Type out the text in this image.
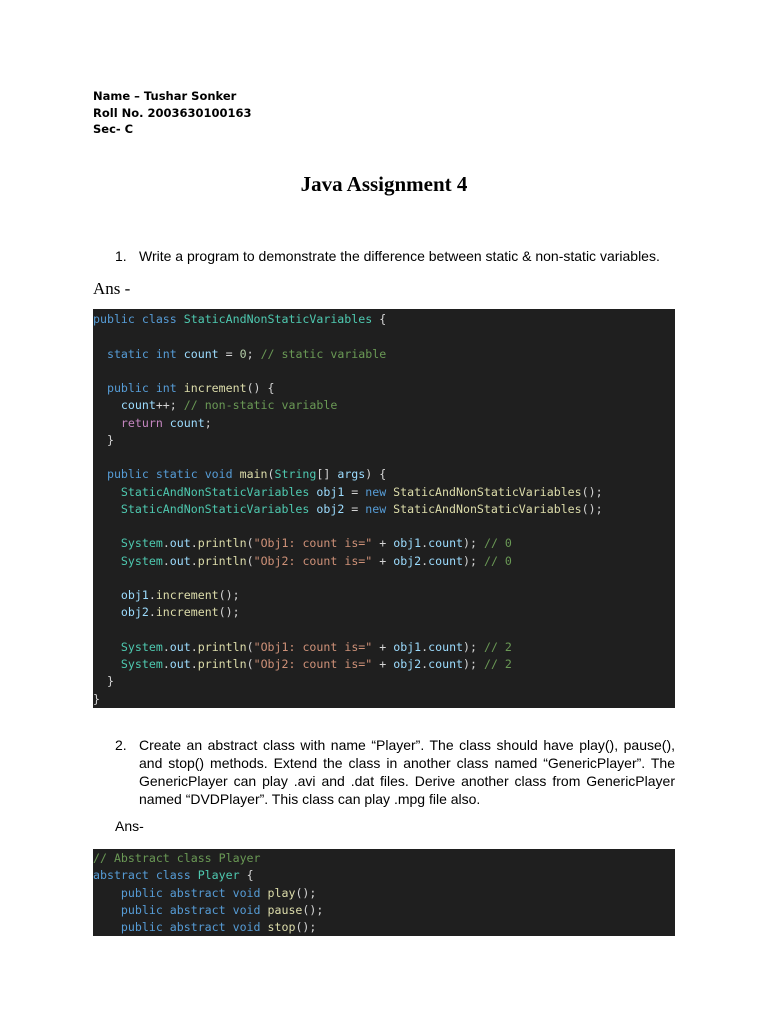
Name – Tushar Sonker
Roll No. 2003630100163
Sec- C
Java Assignment 4
1. Write a program to demonstrate the difference between static & non-static variables.
Ans -
public class StaticAndNonStaticVariables {

static int count = 0; // static variable

public int increment() {
count++; // non-static variable
return count;
}

public static void main(String[] args) {
StaticAndNonStaticVariables obj1 = new StaticAndNonStaticVariables();
StaticAndNonStaticVariables obj2 = new StaticAndNonStaticVariables();

System.out.println("Obj1: count is=" + obj1.count); // 0
System.out.println("Obj2: count is=" + obj2.count); // 0

obj1.increment();
obj2.increment();

System.out.println("Obj1: count is=" + obj1.count); // 2
System.out.println("Obj2: count is=" + obj2.count); // 2
}
}
2. Create an abstract class with name “Player”. The class should have play(), pause(), and stop() methods. Extend the class in another class named “GenericPlayer”. The GenericPlayer can play .avi and .dat files. Derive another class from GenericPlayer named “DVDPlayer”. This class can play .mpg file also.
Ans-
// Abstract class Player
abstract class Player {
public abstract void play();
public abstract void pause();
public abstract void stop();
